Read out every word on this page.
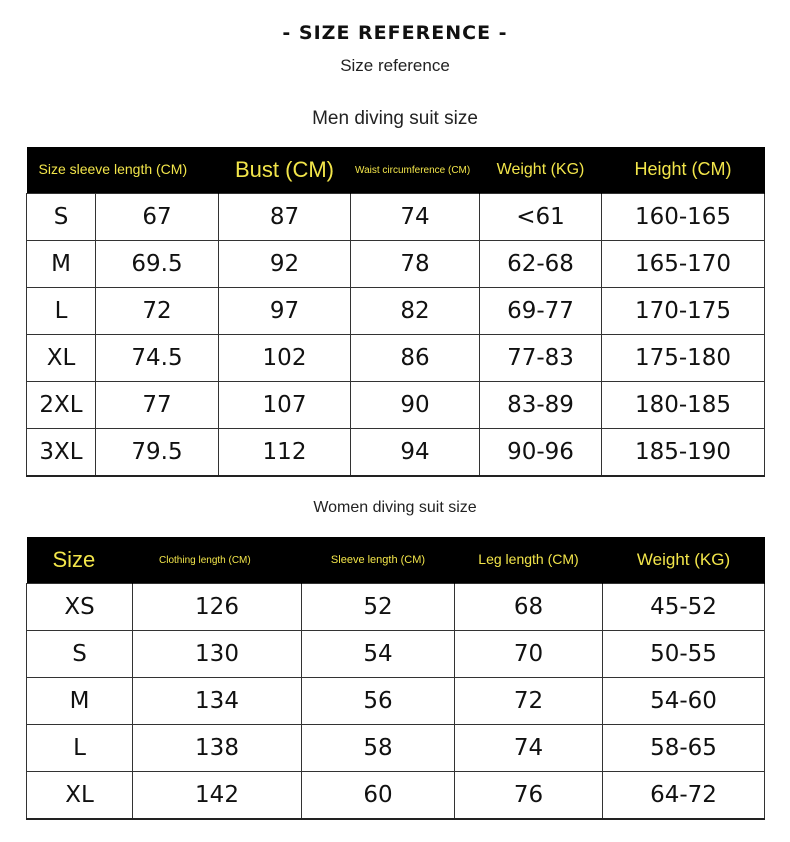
- SIZE REFERENCE -
Size reference
Men diving suit size
Size sleeve length (CM)		Bust (CM)	Waist circumference (CM)	Weight (KG)	Height (CM)
S	67	87	74	<61	160-165
M	69.5	92	78	62-68	165-170
L	72	97	82	69-77	170-175
XL	74.5	102	86	77-83	175-180
2XL	77	107	90	83-89	180-185
3XL	79.5	112	94	90-96	185-190
Women diving suit size
Size	Clothing length (CM)	Sleeve length (CM)	Leg length (CM)	Weight (KG)
XS	126	52	68	45-52
S	130	54	70	50-55
M	134	56	72	54-60
L	138	58	74	58-65
XL	142	60	76	64-72
